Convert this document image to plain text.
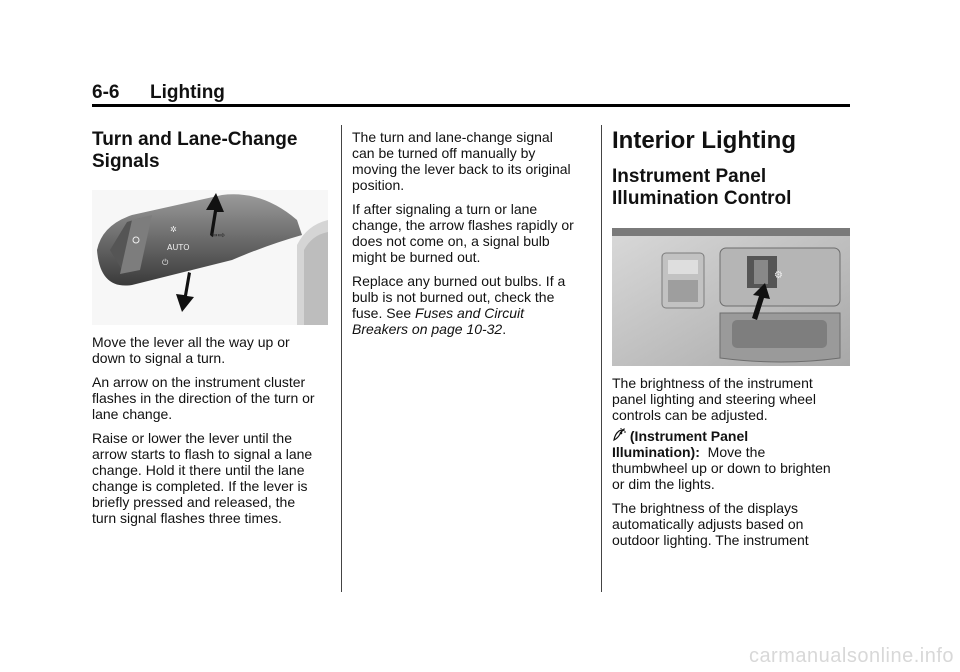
6-6 Lighting
Turn and Lane-Change
Signals
✲
AUTO
⏻
⇦⇨
Move the lever all the way up or
down to signal a turn.
An arrow on the instrument cluster
flashes in the direction of the turn or
lane change.
Raise or lower the lever until the
arrow starts to flash to signal a lane
change. Hold it there until the lane
change is completed. If the lever is
briefly pressed and released, the
turn signal flashes three times.
The turn and lane-change signal
can be turned off manually by
moving the lever back to its original
position.
If after signaling a turn or lane
change, the arrow flashes rapidly or
does not come on, a signal bulb
might be burned out.
Replace any burned out bulbs. If a
bulb is not burned out, check the
fuse. See Fuses and Circuit
Breakers on page 10-32.
Interior Lighting
Instrument Panel
Illumination Control
⚙
The brightness of the instrument
panel lighting and steering wheel
controls can be adjusted.
(Instrument Panel
Illumination): Move the
thumbwheel up or down to brighten
or dim the lights.
The brightness of the displays
automatically adjusts based on
outdoor lighting. The instrument
carmanualsonline.info
